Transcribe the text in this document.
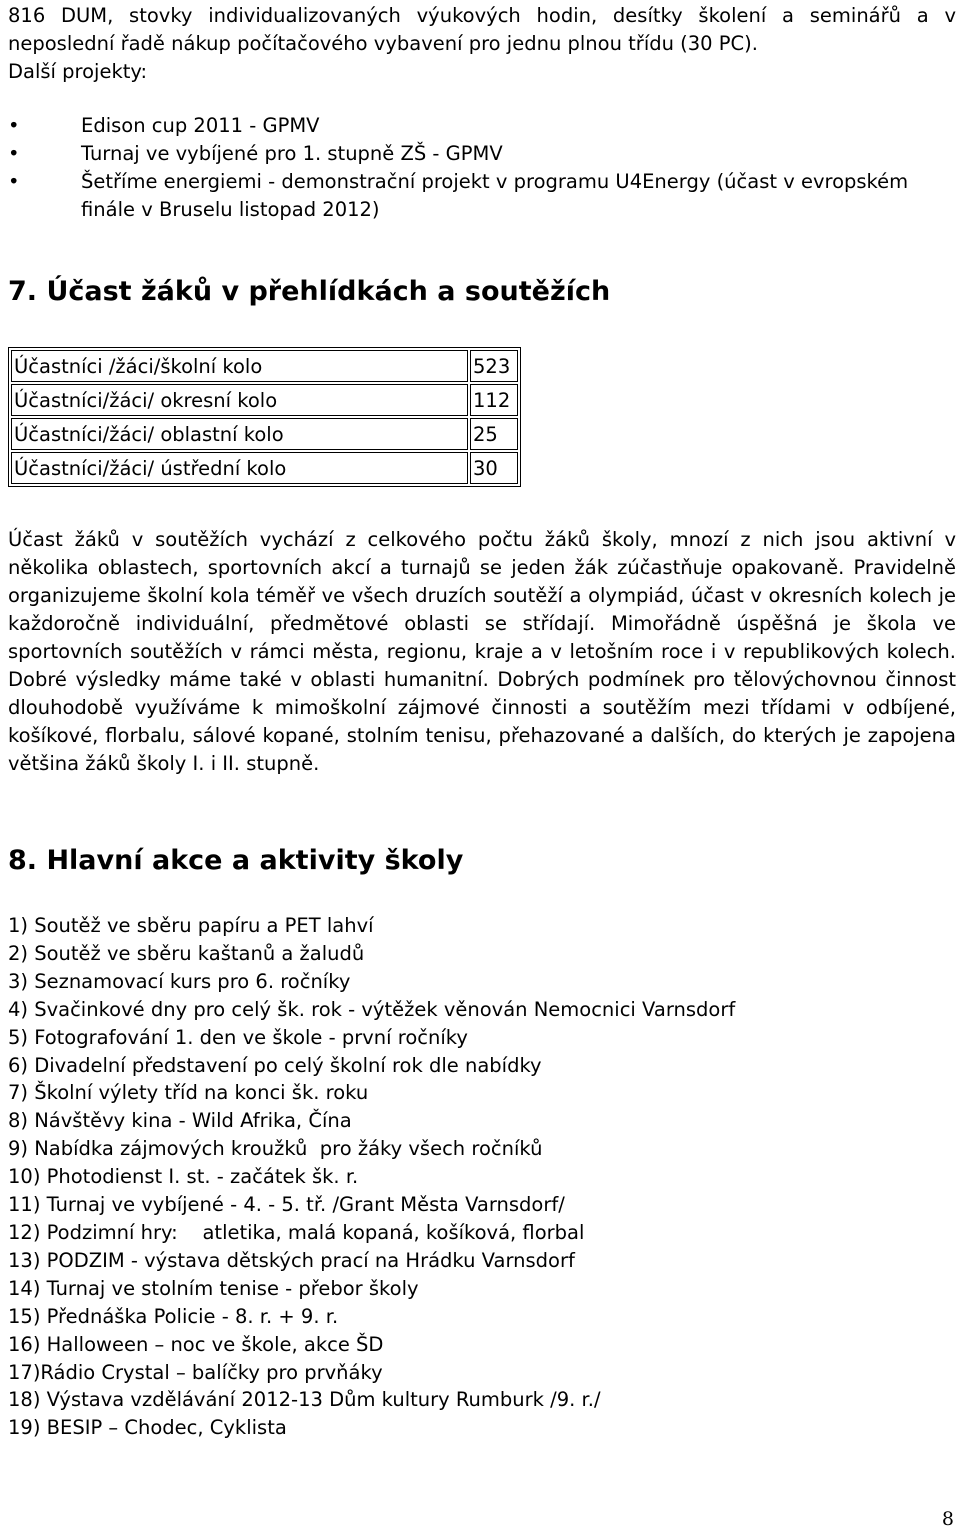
816 DUM, stovky individualizovaných výukových hodin, desítky školení a seminářů a v
neposlední řadě nákup počítačového vybavení pro jednu plnou třídu (30 PC).
Další projekty:
•	Edison cup 2011 - GPMV
•	Turnaj ve vybíjené pro 1. stupně ZŠ - GPMV
•	Šetříme energiemi - demonstrační projekt v programu U4Energy (účast v evropském finále v Bruselu listopad 2012)
7. Účast žáků v přehlídkách a soutěžích
Účastníci /žáci/školní kolo	523
Účastníci/žáci/ okresní kolo	112
Účastníci/žáci/ oblastní kolo	25
Účastníci/žáci/ ústřední kolo	30
Účast žáků v soutěžích vychází z celkového počtu žáků školy, mnozí z nich jsou aktivní v několika oblastech, sportovních akcí a turnajů se jeden žák zúčastňuje opakovaně. Pravidelně organizujeme školní kola téměř ve všech druzích soutěží a olympiád, účast v okresních kolech je každoročně individuální, předmětové oblasti se střídají. Mimořádně úspěšná je škola ve sportovních soutěžích v rámci města, regionu, kraje a v letošním roce i v republikových kolech. Dobré výsledky máme také v oblasti humanitní. Dobrých podmínek pro tělovýchovnou činnost dlouhodobě využíváme k mimoškolní zájmové činnosti a soutěžím mezi třídami v odbíjené, košíkové, florbalu, sálové kopané, stolním tenisu, přehazované a dalších, do kterých je zapojena většina žáků školy I. i II. stupně.
8. Hlavní akce a aktivity školy
1) Soutěž ve sběru papíru a PET lahví
2) Soutěž ve sběru kaštanů a žaludů
3) Seznamovací kurs pro 6. ročníky
4) Svačinkové dny pro celý šk. rok - výtěžek věnován Nemocnici Varnsdorf
5) Fotografování 1. den ve škole - první ročníky
6) Divadelní představení po celý školní rok dle nabídky
7) Školní výlety tříd na konci šk. roku
8) Návštěvy kina - Wild Afrika, Čína
9) Nabídka zájmových kroužků  pro žáky všech ročníků
10) Photodienst I. st. - začátek šk. r.
11) Turnaj ve vybíjené - 4. - 5. tř. /Grant Města Varnsdorf/
12) Podzimní hry:    atletika, malá kopaná, košíková, florbal
13) PODZIM - výstava dětských prací na Hrádku Varnsdorf
14) Turnaj ve stolním tenise - přebor školy
15) Přednáška Policie - 8. r. + 9. r.
16) Halloween – noc ve škole, akce ŠD
17)Rádio Crystal – balíčky pro prvňáky
18) Výstava vzdělávání 2012-13 Dům kultury Rumburk /9. r./
19) BESIP – Chodec, Cyklista
8
